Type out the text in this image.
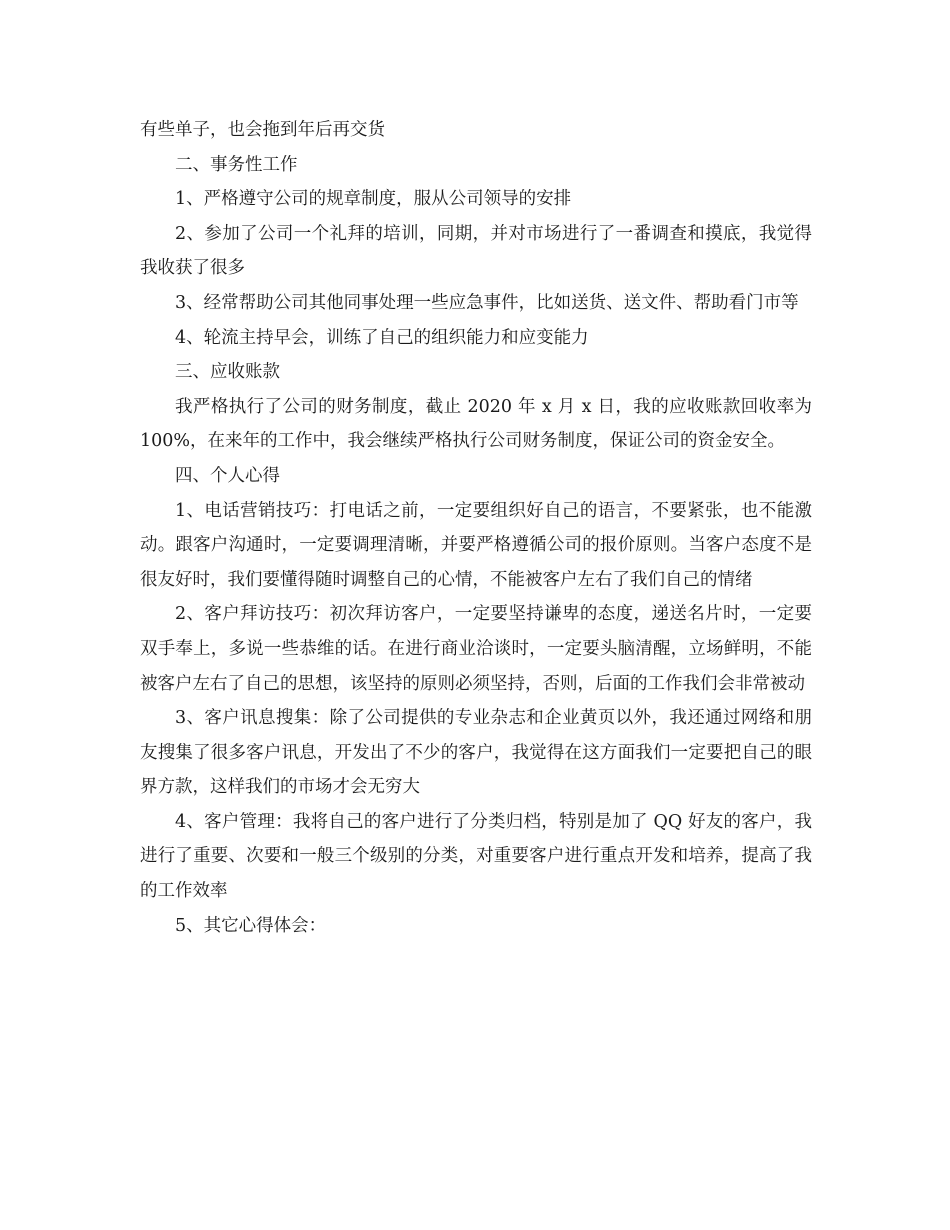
有些单子，也会拖到年后再交货

二、事务性工作

1、严格遵守公司的规章制度，服从公司领导的安排

2、参加了公司一个礼拜的培训，同期，并对市场进行了一番调查和摸底，我觉得我收获了很多

3、经常帮助公司其他同事处理一些应急事件，比如送货、送文件、帮助看门市等

4、轮流主持早会，训练了自己的组织能力和应变能力

三、应收账款

我严格执行了公司的财务制度，截止 2020 年 x 月 x 日，我的应收账款回收率为 100%，在来年的工作中，我会继续严格执行公司财务制度，保证公司的资金安全。

四、个人心得

1、电话营销技巧：打电话之前，一定要组织好自己的语言，不要紧张，也不能激动。跟客户沟通时，一定要调理清晰，并要严格遵循公司的报价原则。当客户态度不是很友好时，我们要懂得随时调整自己的心情，不能被客户左右了我们自己的情绪

2、客户拜访技巧：初次拜访客户，一定要坚持谦卑的态度，递送名片时，一定要双手奉上，多说一些恭维的话。在进行商业洽谈时，一定要头脑清醒，立场鲜明，不能被客户左右了自己的思想，该坚持的原则必须坚持，否则，后面的工作我们会非常被动

3、客户讯息搜集：除了公司提供的专业杂志和企业黄页以外，我还通过网络和朋友搜集了很多客户讯息，开发出了不少的客户，我觉得在这方面我们一定要把自己的眼界方款，这样我们的市场才会无穷大

4、客户管理：我将自己的客户进行了分类归档，特别是加了 QQ 好友的客户，我进行了重要、次要和一般三个级别的分类，对重要客户进行重点开发和培养，提高了我的工作效率

5、其它心得体会：
